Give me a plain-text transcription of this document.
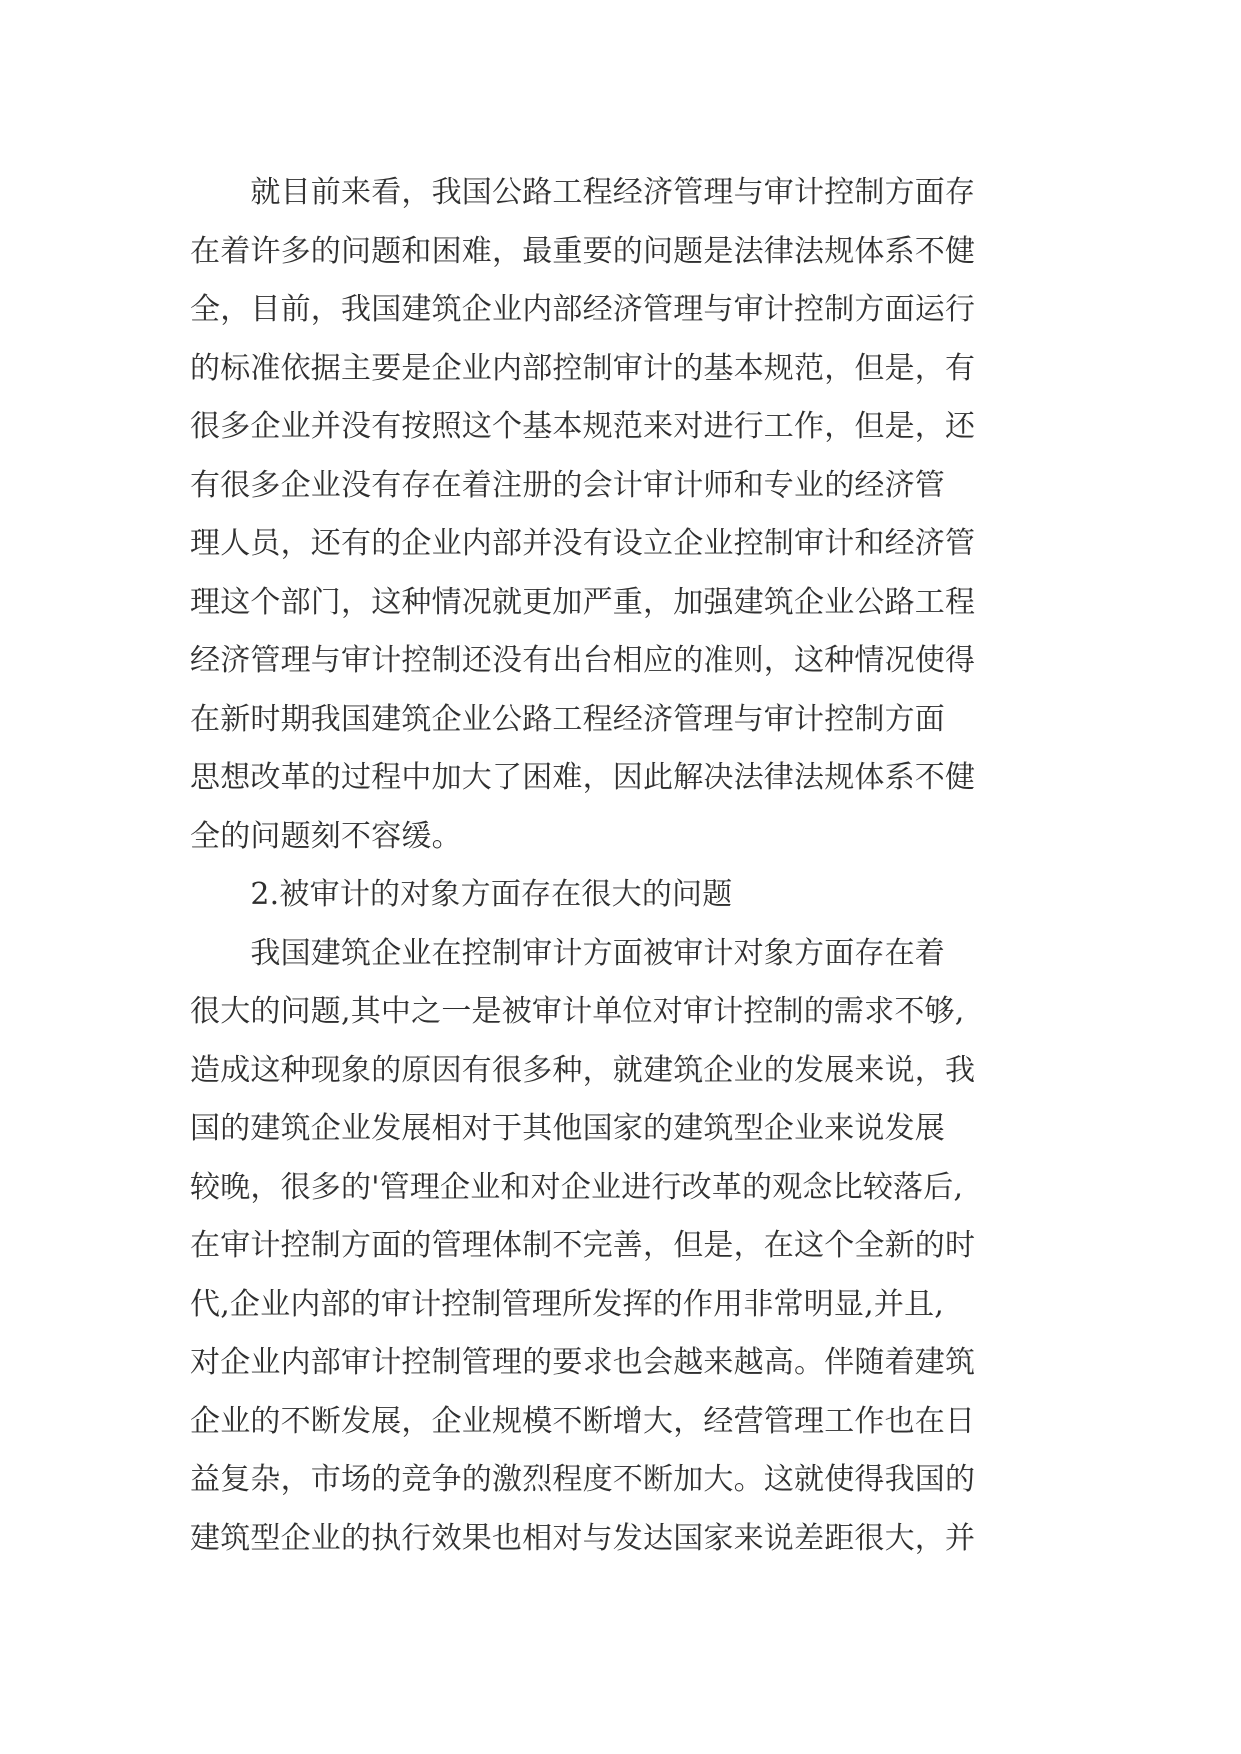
　　就目前来看，我国公路工程经济管理与审计控制方面存
在着许多的问题和困难，最重要的问题是法律法规体系不健
全，目前，我国建筑企业内部经济管理与审计控制方面运行
的标准依据主要是企业内部控制审计的基本规范，但是，有
很多企业并没有按照这个基本规范来对进行工作，但是，还
有很多企业没有存在着注册的会计审计师和专业的经济管
理人员，还有的企业内部并没有设立企业控制审计和经济管
理这个部门，这种情况就更加严重，加强建筑企业公路工程
经济管理与审计控制还没有出台相应的准则，这种情况使得
在新时期我国建筑企业公路工程经济管理与审计控制方面
思想改革的过程中加大了困难，因此解决法律法规体系不健
全的问题刻不容缓。
　　2.被审计的对象方面存在很大的问题
　　我国建筑企业在控制审计方面被审计对象方面存在着
很大的问题,其中之一是被审计单位对审计控制的需求不够,
造成这种现象的原因有很多种，就建筑企业的发展来说，我
国的建筑企业发展相对于其他国家的建筑型企业来说发展
较晚，很多的'管理企业和对企业进行改革的观念比较落后,
在审计控制方面的管理体制不完善，但是，在这个全新的时
代,企业内部的审计控制管理所发挥的作用非常明显,并且,
对企业内部审计控制管理的要求也会越来越高。伴随着建筑
企业的不断发展，企业规模不断增大，经营管理工作也在日
益复杂，市场的竞争的激烈程度不断加大。这就使得我国的
建筑型企业的执行效果也相对与发达国家来说差距很大，并
